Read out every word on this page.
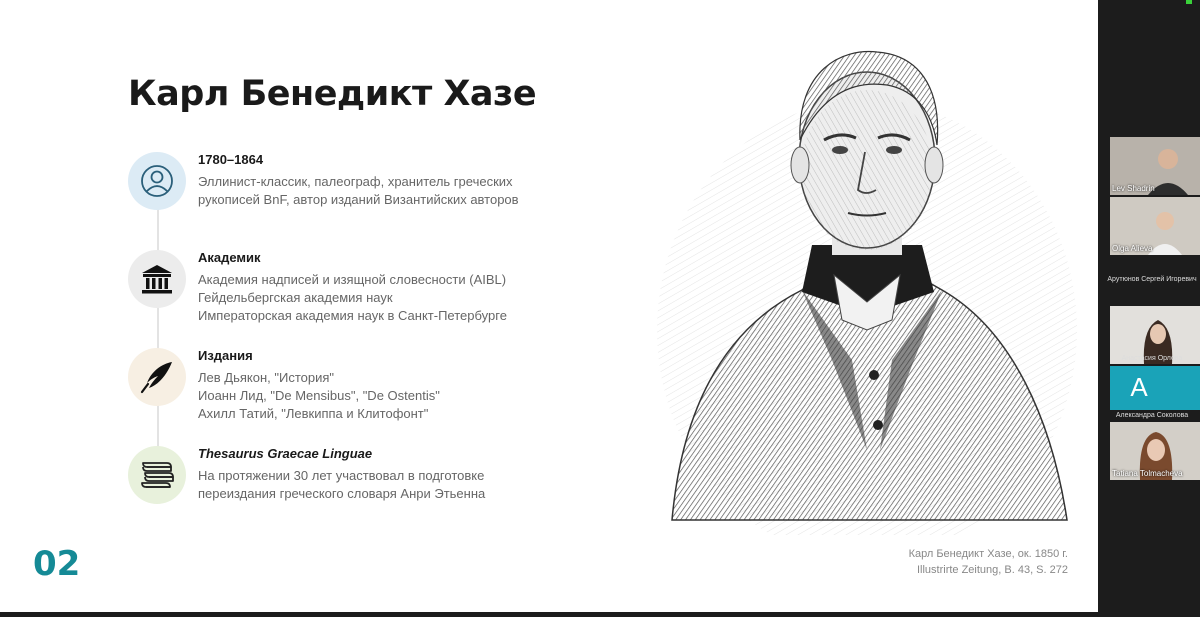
Карл Бенедикт Хазе
1780–1864
Эллинист-классик, палеограф, хранитель греческих
рукописей BnF, автор изданий Византийских авторов
Академик
Академия надписей и изящной словесности (AIBL)
Гейдельбергская академия наук
Императорская академия наук в Санкт-Петербурге
Издания
Лев Дьякон, "История"
Иоанн Лид, "De Mensibus", "De Ostentis"
Ахилл Татий, "Левкиппа и Клитофонт"
Thesaurus Graecae Linguae
На протяжении 30 лет участвовал в подготовке
переиздания греческого словаря Анри Этьенна
02	Карл Бенедикт Хазе, ок. 1850 г.
Illustrirte Zeitung, B. 43, S. 272
Lev Shadrin
Olga Alieva
Арутюнов Сергей Игоревич
Анастасия Орлова
A
Александра Соколова
Tatiana Tolmacheva
